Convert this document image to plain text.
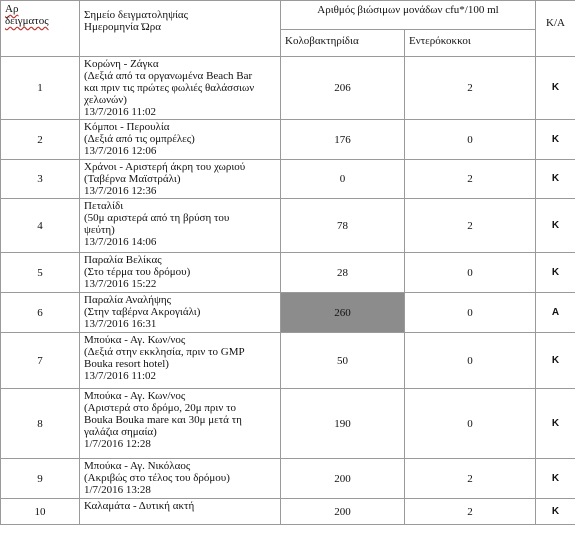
Αρ
δειγματος	Σημείο δειγματοληψίας
Ημερομηνία Ώρα	Αριθμός βιώσιμων μονάδων cfu*/100 ml		Κ/Α
		Κολοβακτηρίδια	Εντερόκοκκοι	
1	Κορώνη - Ζάγκα
(Δεξιά από τα οργανωμένα Beach Bar
και πριν τις πρώτες φωλιές θαλάσσιων
χελωνών)
13/7/2016 11:02	206	2	Κ
2	Κόμποι - Περουλία
(Δεξιά από τις ομπρέλες)
13/7/2016 12:06	176	0	Κ
3	Χράνοι - Αριστερή άκρη του χωριού
(Ταβέρνα Μαϊστράλι)
13/7/2016 12:36	0	2	Κ
4	Πεταλίδι
(50μ αριστερά από τη βρύση του
ψεύτη)
13/7/2016 14:06	78	2	Κ
5	Παραλία Βελίκας
(Στο τέρμα του δρόμου)
13/7/2016 15:22	28	0	Κ
6	Παραλία Αναλήψης
(Στην ταβέρνα Ακρογιάλι)
13/7/2016 16:31	260	0	Α
7	Μπούκα - Αγ. Κων/νος
(Δεξιά στην εκκλησία, πριν το GMP
Bouka resort hotel)
13/7/2016 11:02	50	0	Κ
8	Μπούκα - Αγ. Κων/νος
(Αριστερά στο δρόμο, 20μ πριν το
Bouka Bouka mare και 30μ μετά τη
γαλάζια σημαία)
1/7/2016 12:28	190	0	Κ
9	Μπούκα - Αγ. Νικόλαος
(Ακριβώς στο τέλος του δρόμου)
1/7/2016 13:28	200	2	Κ
10	Καλαμάτα - Δυτική ακτή	200	2	Κ
